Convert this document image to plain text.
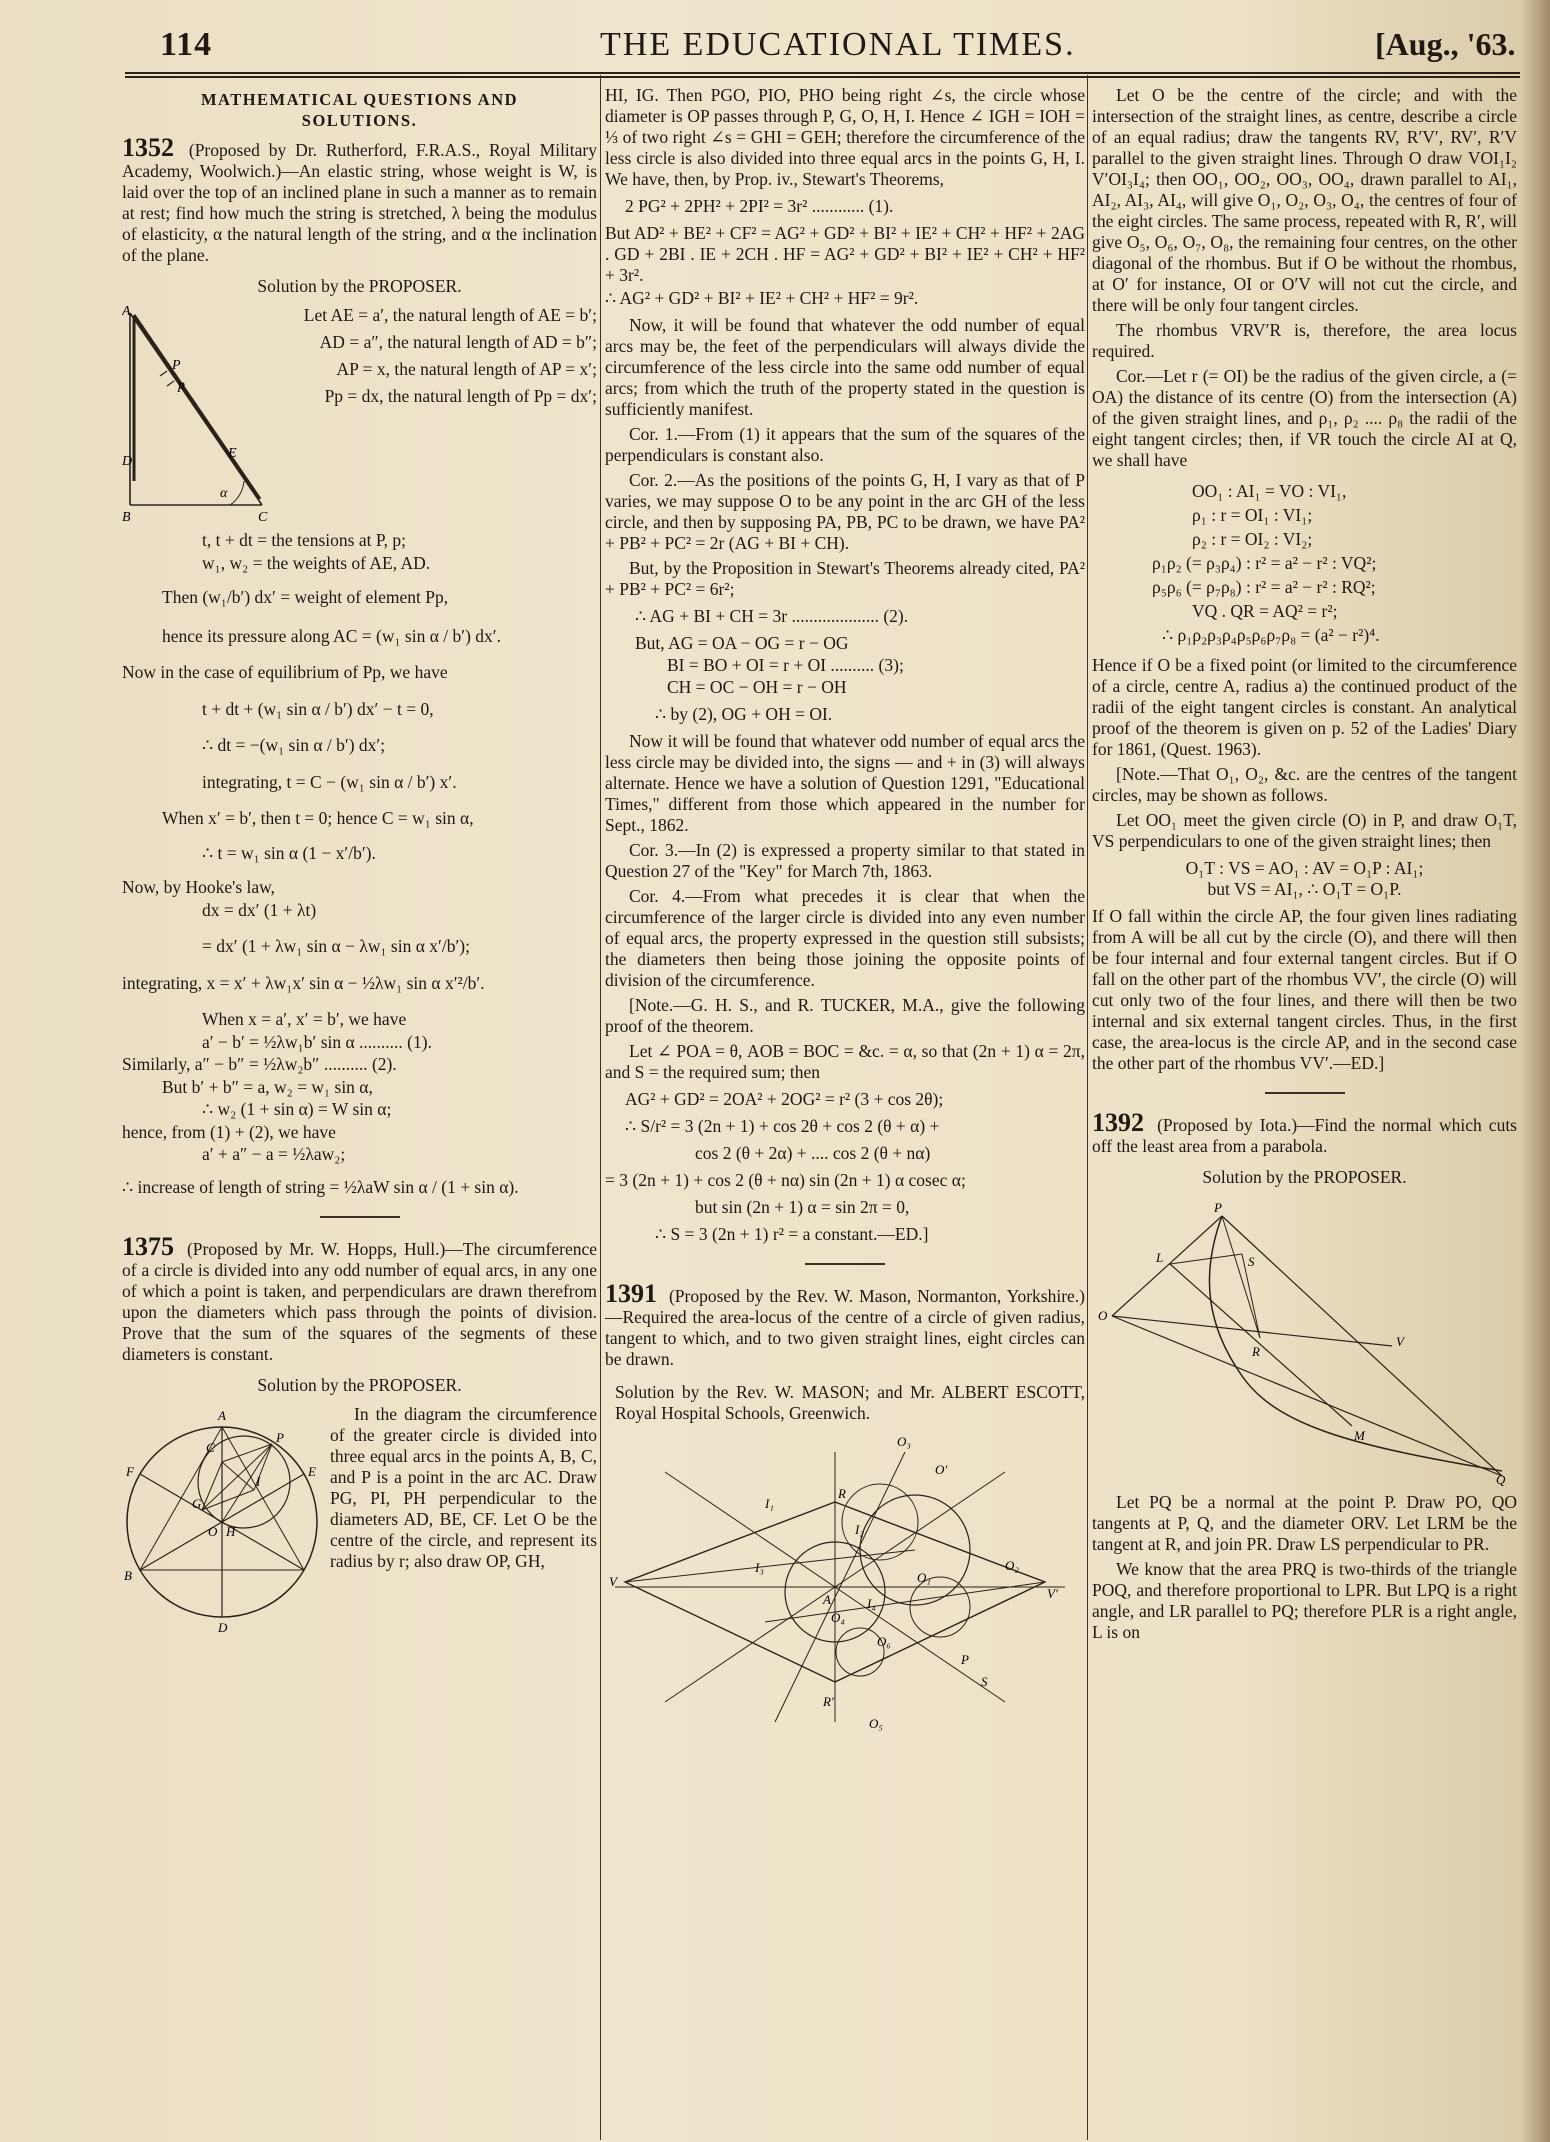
114	THE EDUCATIONAL TIMES.	[Aug., '63.
MATHEMATICAL QUESTIONS AND SOLUTIONS.

1352 (Proposed by Dr. Rutherford, F.R.A.S., Royal Military Academy, Woolwich.)—An elastic string, whose weight is W, is laid over the top of an inclined plane in such a manner as to remain at rest; find how much the string is stretched, λ being the modulus of elasticity, α the natural length of the string, and α the inclination of the plane.

Solution by the PROPOSER.
A
P
p
E
D
B	C
α

Let AE = a′, the natural length of AE = b′;

AD = a″, the natural length of AD = b″;

AP = x, the natural length of AP = x′;

Pp = dx, the natural length of Pp = dx′;

t, t + dt = the tensions at P, p;

w₁, w₂ = the weights of AE, AD.

Then (w₁/b′) dx′ = weight of element Pp,

hence its pressure along AC = (w₁ sin α / b′) dx′.

Now in the case of equilibrium of Pp, we have

t + dt + (w₁ sin α / b′) dx′ − t = 0,

∴ dt = −(w₁ sin α / b′) dx′;

integrating, t = C − (w₁ sin α / b′) x′.

When x′ = b′, then t = 0; hence C = w₁ sin α,

∴ t = w₁ sin α (1 − x′/b′).

Now, by Hooke's law,

dx = dx′ (1 + λt)

= dx′ (1 + λw₁ sin α − λw₁ sin α x′/b′);

integrating, x = x′ + λw₁x′ sin α − ½λw₁ sin α x′²/b′.

When x = a′, x′ = b′, we have

a′ − b′ = ½λw₁b′ sin α .......... (1).

Similarly, a″ − b″ = ½λw₂b″ .......... (2).

But b′ + b″ = a, w₂ = w₁ sin α,

∴ w₂ (1 + sin α) = W sin α;

hence, from (1) + (2), we have

a′ + a″ − a = ½λaw₂;

∴ increase of length of string = ½λaW sin α / (1 + sin α).

1375 (Proposed by Mr. W. Hopps, Hull.)—The circumference of a circle is divided into any odd number of equal arcs, in any one of which a point is taken, and perpendiculars are drawn therefrom upon the diameters which pass through the points of division. Prove that the sum of the squares of the segments of these diameters is constant.

Solution by the PROPOSER.
A
C
P
E
F
G
I
O H
B
D

In the diagram the circumference of the greater circle is divided into three equal arcs in the points A, B, C, and P is a point in the arc AC. Draw PG, PI, PH perpendicular to the diameters AD, BE, CF. Let O be the centre of the circle, and represent its radius by r; also draw OP, GH,

HI, IG. Then PGO, PIO, PHO being right ∠s, the circle whose diameter is OP passes through P, G, O, H, I. Hence ∠ IGH = IOH = ⅓ of two right ∠s = GHI = GEH; therefore the circumference of the less circle is also divided into three equal arcs in the points G, H, I. We have, then, by Prop. iv., Stewart's Theorems,

2 PG² + 2PH² + 2PI² = 3r² ............ (1).

But AD² + BE² + CF² = AG² + GD² + BI² + IE² + CH² + HF² + 2AG . GD + 2BI . IE + 2CH . HF = AG² + GD² + BI² + IE² + CH² + HF² + 3r².

∴ AG² + GD² + BI² + IE² + CH² + HF² = 9r².

Now, it will be found that whatever the odd number of equal arcs may be, the feet of the perpendiculars will always divide the circumference of the less circle into the same odd number of equal arcs; from which the truth of the property stated in the question is sufficiently manifest.

Cor. 1.—From (1) it appears that the sum of the squares of the perpendiculars is constant also.

Cor. 2.—As the positions of the points G, H, I vary as that of P varies, we may suppose O to be any point in the arc GH of the less circle, and then by supposing PA, PB, PC to be drawn, we have PA² + PB² + PC² = 2r (AG + BI + CH).

But, by the Proposition in Stewart's Theorems already cited, PA² + PB² + PC² = 6r²;

∴ AG + BI + CH = 3r .................... (2).

But, AG = OA − OG = r − OG

BI = BO + OI = r + OI .......... (3);

CH = OC − OH = r − OH

∴ by (2), OG + OH = OI.

Now it will be found that whatever odd number of equal arcs the less circle may be divided into, the signs — and + in (3) will always alternate. Hence we have a solution of Question 1291, "Educational Times," different from those which appeared in the number for Sept., 1862.

Cor. 3.—In (2) is expressed a property similar to that stated in Question 27 of the "Key" for March 7th, 1863.

Cor. 4.—From what precedes it is clear that when the circumference of the larger circle is divided into any even number of equal arcs, the property expressed in the question still subsists; the diameters then being those joining the opposite points of division of the circumference.

[Note.—G. H. S., and R. TUCKER, M.A., give the following proof of the theorem.

Let ∠ POA = θ, AOB = BOC = &c. = α, so that (2n + 1) α = 2π, and S = the required sum; then

AG² + GD² = 2OA² + 2OG² = r² (3 + cos 2θ);

∴ S/r² = 3 (2n + 1) + cos 2θ + cos 2 (θ + α) +

cos 2 (θ + 2α) + .... cos 2 (θ + nα)

= 3 (2n + 1) + cos 2 (θ + nα) sin (2n + 1) α cosec α;

but sin (2n + 1) α = sin 2π = 0,

∴ S = 3 (2n + 1) r² = a constant.—ED.]

1391 (Proposed by the Rev. W. Mason, Normanton, Yorkshire.)—Required the area-locus of the centre of a circle of given radius, tangent to which, and to two given straight lines, eight circles can be drawn.

Solution by the Rev. W. MASON; and Mr. ALBERT ESCOTT, Royal Hospital Schools, Greenwich.

O₃
O′
I₁
I₂
V
R
I₃
A
O₄
I₄
O₁
O₂
V′
O₆
P
S
R′
O₅

Let O be the centre of the circle; and with the intersection of the straight lines, as centre, describe a circle of an equal radius; draw the tangents RV, R′V′, RV′, R′V parallel to the given straight lines. Through O draw VOI₁I₂ V′OI₃I₄; then OO₁, OO₂, OO₃, OO₄, drawn parallel to AI₁, AI₂, AI₃, AI₄, will give O₁, O₂, O₃, O₄, the centres of four of the eight circles. The same process, repeated with R, R′, will give O₅, O₆, O₇, O₈, the remaining four centres, on the other diagonal of the rhombus. But if O be without the rhombus, at O′ for instance, OI or O′V will not cut the circle, and there will be only four tangent circles.

The rhombus VRV′R is, therefore, the area locus required.

Cor.—Let r (= OI) be the radius of the given circle, a (= OA) the distance of its centre (O) from the intersection (A) of the given straight lines, and ρ₁, ρ₂ .... ρ₈ the radii of the eight tangent circles; then, if VR touch the circle AI at Q, we shall have

OO₁ : AI₁ = VO : VI₁,

ρ₁ : r = OI₁ : VI₁;

ρ₂ : r = OI₂ : VI₂;

ρ₁ρ₂ (= ρ₃ρ₄) : r² = a² − r² : VQ²;

ρ₅ρ₆ (= ρ₇ρ₈) : r² = a² − r² : RQ²;

VQ . QR = AQ² = r²;

∴ ρ₁ρ₂ρ₃ρ₄ρ₅ρ₆ρ₇ρ₈ = (a² − r²)⁴.

Hence if O be a fixed point (or limited to the circumference of a circle, centre A, radius a) the continued product of the radii of the eight tangent circles is constant. An analytical proof of the theorem is given on p. 52 of the Ladies' Diary for 1861, (Quest. 1963).

[Note.—That O₁, O₂, &c. are the centres of the tangent circles, may be shown as follows.

Let OO₁ meet the given circle (O) in P, and draw O₁T, VS perpendiculars to one of the given straight lines; then

O₁T : VS = AO₁ : AV = O₁P : AI₁;

but VS = AI₁, ∴ O₁T = O₁P.

If O fall within the circle AP, the four given lines radiating from A will be all cut by the circle (O), and there will then be four internal and four external tangent circles. But if O fall on the other part of the rhombus VV′, the circle (O) will cut only two of the four lines, and there will then be two internal and six external tangent circles. Thus, in the first case, the area-locus is the circle AP, and in the second case the other part of the rhombus VV′.—ED.]

1392 (Proposed by Iota.)—Find the normal which cuts off the least area from a parabola.

Solution by the PROPOSER.
P
L	S
O
R
V
M
Q

Let PQ be a normal at the point P. Draw PO, QO tangents at P, Q, and the diameter ORV. Let LRM be the tangent at R, and join PR. Draw LS perpendicular to PR.

We know that the area PRQ is two-thirds of the triangle POQ, and therefore proportional to LPR. But LPQ is a right angle, and LR parallel to PQ; therefore PLR is a right angle, L is on
